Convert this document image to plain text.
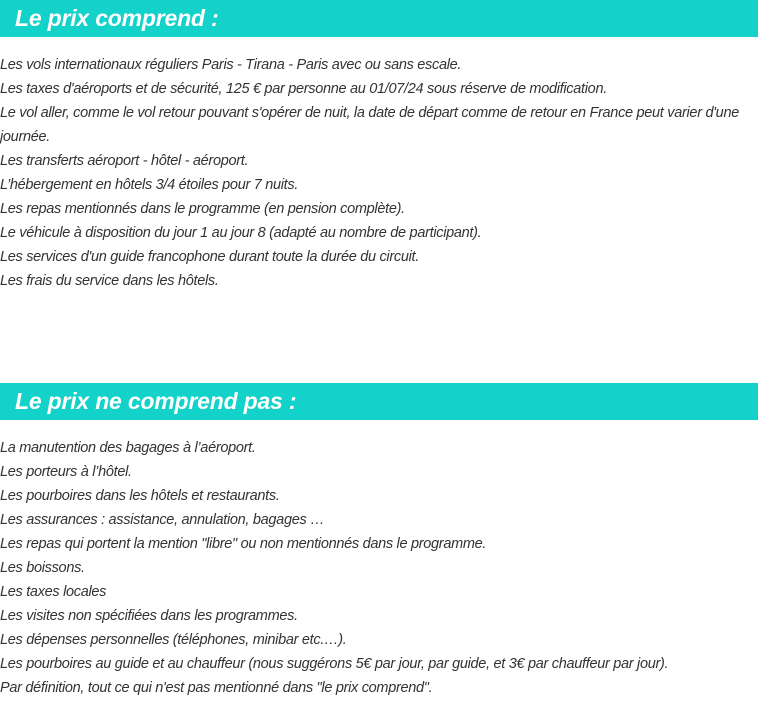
Le prix comprend :
Les vols internationaux réguliers Paris - Tirana - Paris avec ou sans escale.
Les taxes d'aéroports et de sécurité, 125 € par personne au 01/07/24 sous réserve de modification.
Le vol aller, comme le vol retour pouvant s'opérer de nuit, la date de départ comme de retour en France peut varier d'une journée.
Les transferts aéroport - hôtel - aéroport.
L’hébergement en hôtels 3/4 étoiles pour 7 nuits.
Les repas mentionnés dans le programme (en pension complète).
Le véhicule à disposition du jour 1 au jour 8 (adapté au nombre de participant).
Les services d'un guide francophone durant toute la durée du circuit.
Les frais du service dans les hôtels.
Le prix ne comprend pas :
La manutention des bagages à l’aéroport.
Les porteurs à l’hôtel.
Les pourboires dans les hôtels et restaurants.
Les assurances : assistance, annulation, bagages …
Les repas qui portent la mention "libre" ou non mentionnés dans le programme.
Les boissons.
Les taxes locales
Les visites non spécifiées dans les programmes.
Les dépenses personnelles (téléphones, minibar etc.…).
Les pourboires au guide et au chauffeur (nous suggérons 5€ par jour, par guide, et 3€ par chauffeur par jour).
Par définition, tout ce qui n'est pas mentionné dans "le prix comprend".
